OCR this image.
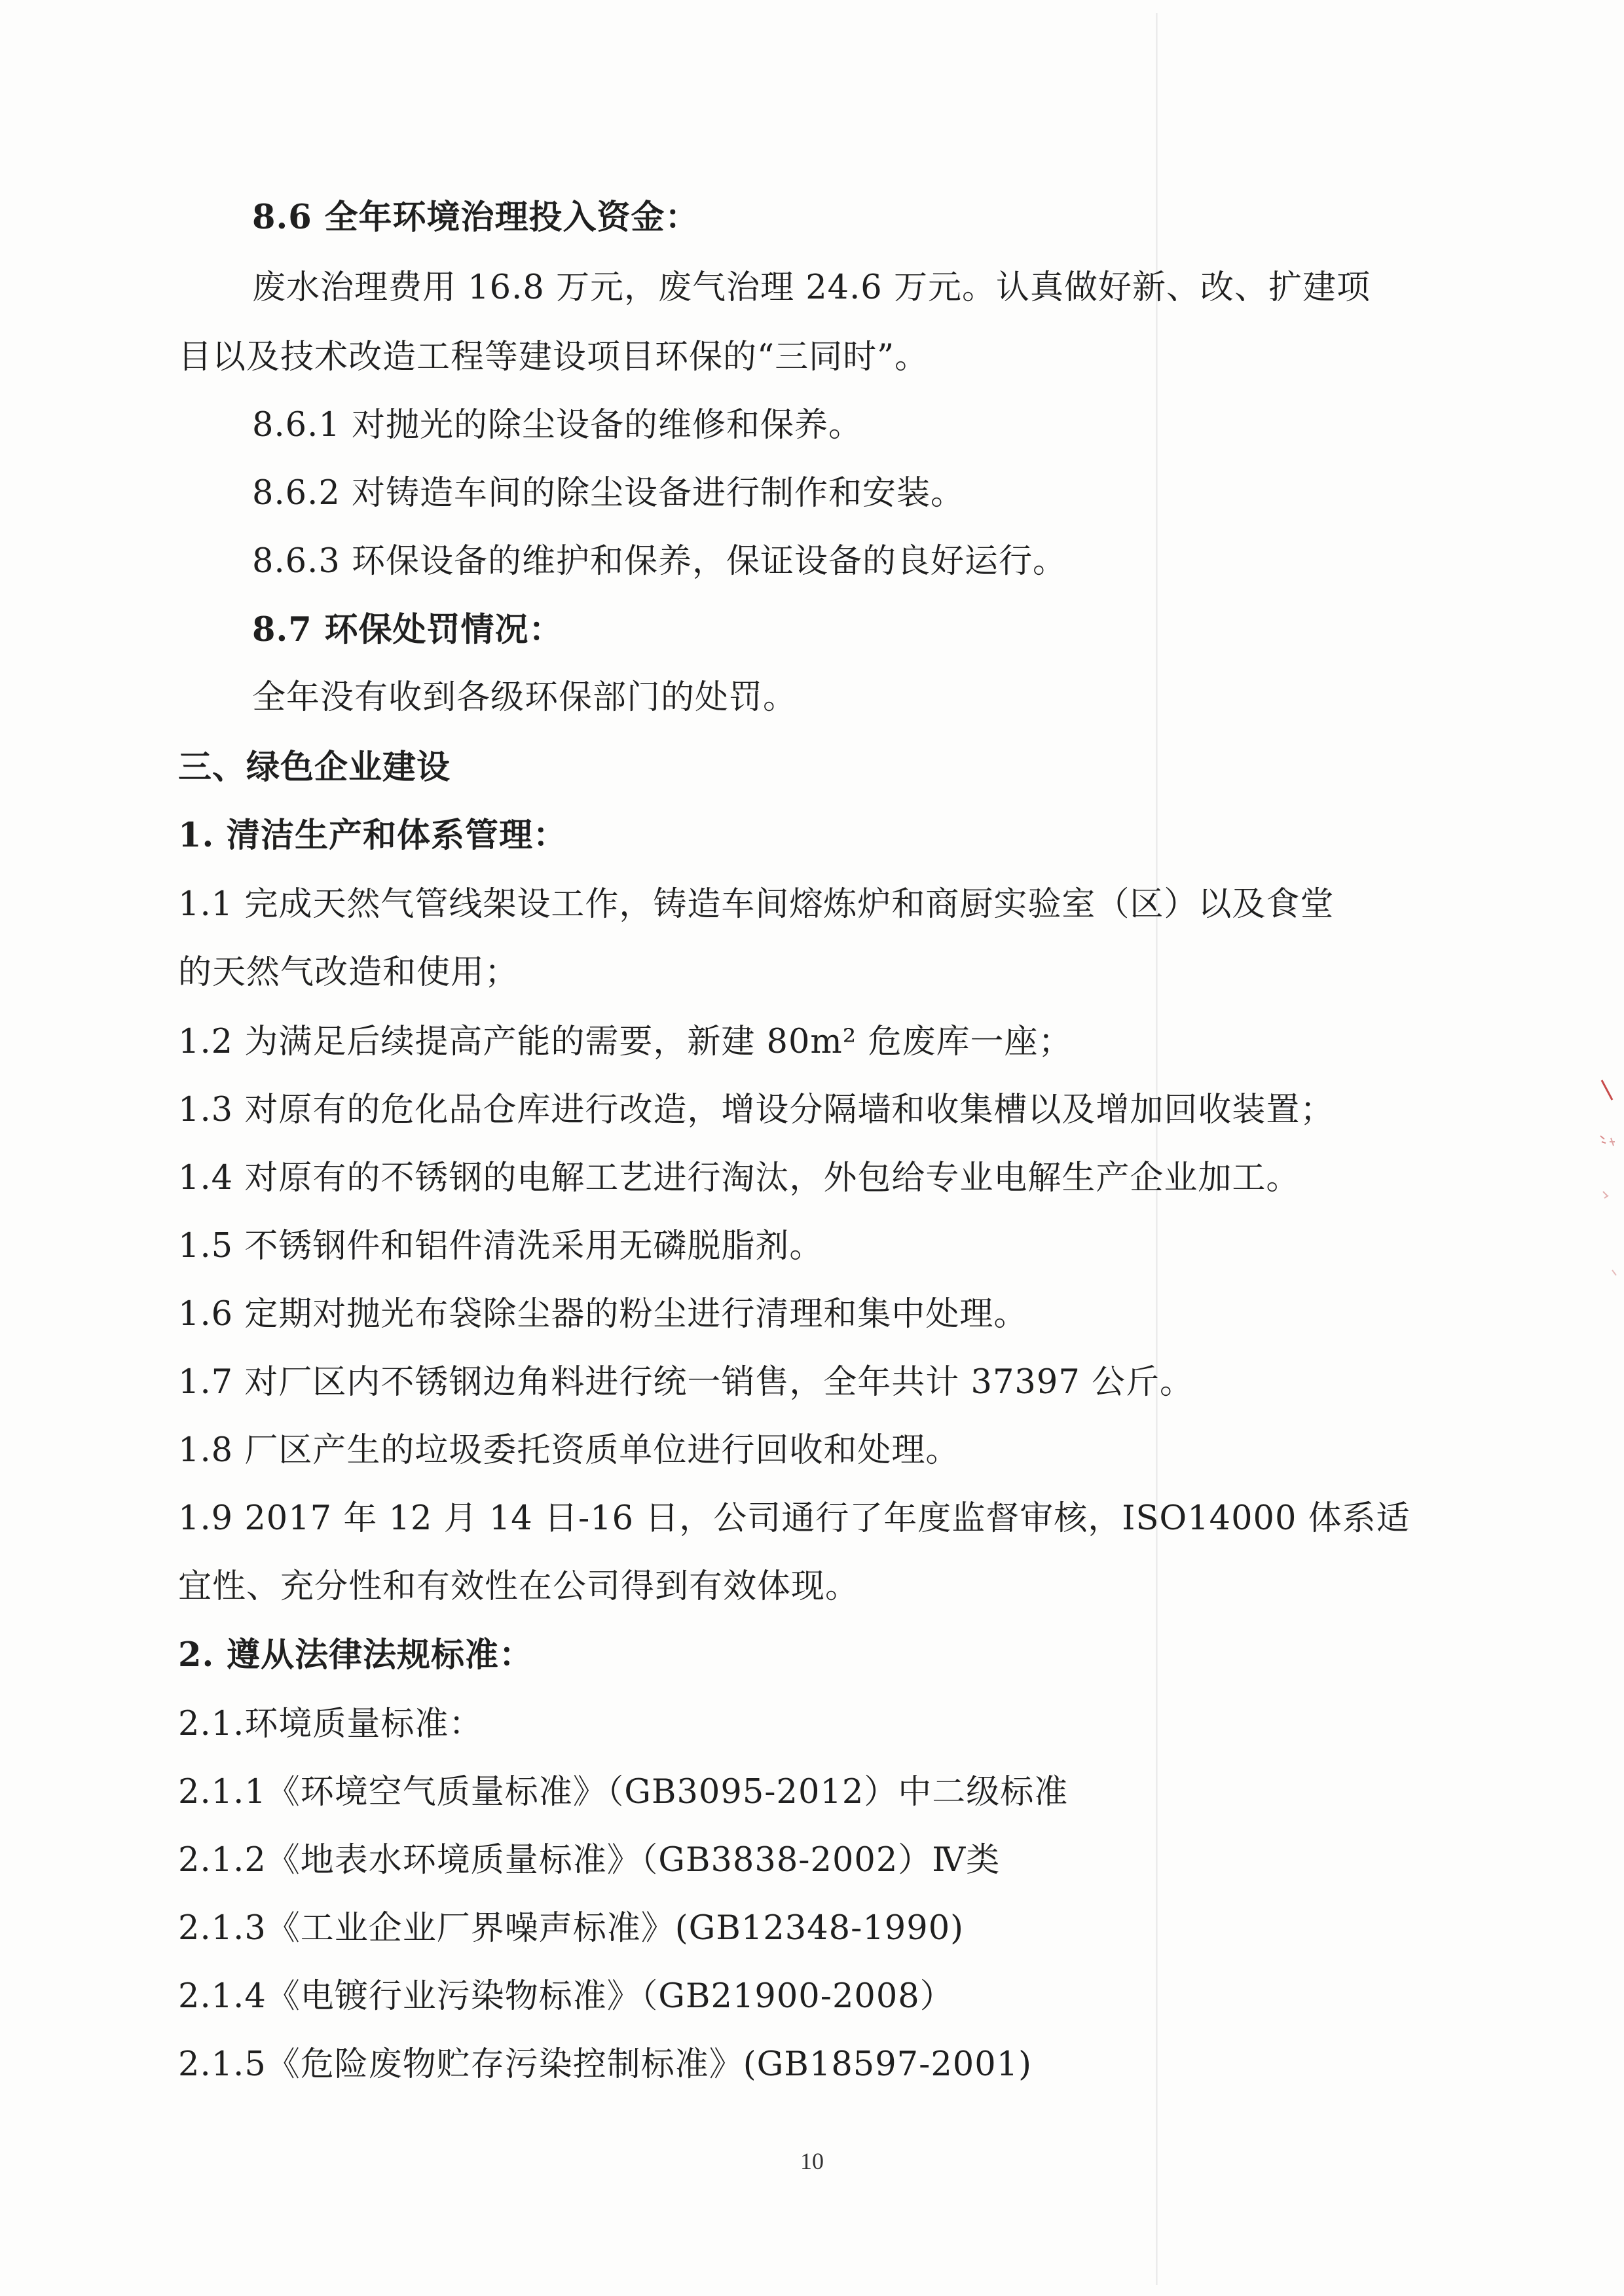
8.6 全年环境治理投入资金：
废水治理费用 16.8 万元，废气治理 24.6 万元。认真做好新、改、扩建项
目以及技术改造工程等建设项目环保的“三同时”。
8.6.1 对抛光的除尘设备的维修和保养。
8.6.2 对铸造车间的除尘设备进行制作和安装。
8.6.3 环保设备的维护和保养，保证设备的良好运行。
8.7 环保处罚情况：
全年没有收到各级环保部门的处罚。
三、绿色企业建设
1. 清洁生产和体系管理：
1.1 完成天然气管线架设工作，铸造车间熔炼炉和商厨实验室（区）以及食堂
的天然气改造和使用；
1.2 为满足后续提高产能的需要，新建 80m² 危废库一座；
1.3 对原有的危化品仓库进行改造，增设分隔墙和收集槽以及增加回收装置；
1.4 对原有的不锈钢的电解工艺进行淘汰，外包给专业电解生产企业加工。
1.5 不锈钢件和铝件清洗采用无磷脱脂剂。
1.6 定期对抛光布袋除尘器的粉尘进行清理和集中处理。
1.7 对厂区内不锈钢边角料进行统一销售，全年共计 37397 公斤。
1.8 厂区产生的垃圾委托资质单位进行回收和处理。
1.9 2017 年 12 月 14 日-16 日，公司通行了年度监督审核，ISO14000 体系适
宜性、充分性和有效性在公司得到有效体现。
2. 遵从法律法规标准：
2.1.环境质量标准：
2.1.1《环境空气质量标准》（GB3095-2012）中二级标准
2.1.2《地表水环境质量标准》（GB3838-2002）Ⅳ类
2.1.3《工业企业厂界噪声标准》(GB12348-1990)
2.1.4《电镀行业污染物标准》（GB21900-2008）
2.1.5《危险废物贮存污染控制标准》(GB18597-2001)
10
